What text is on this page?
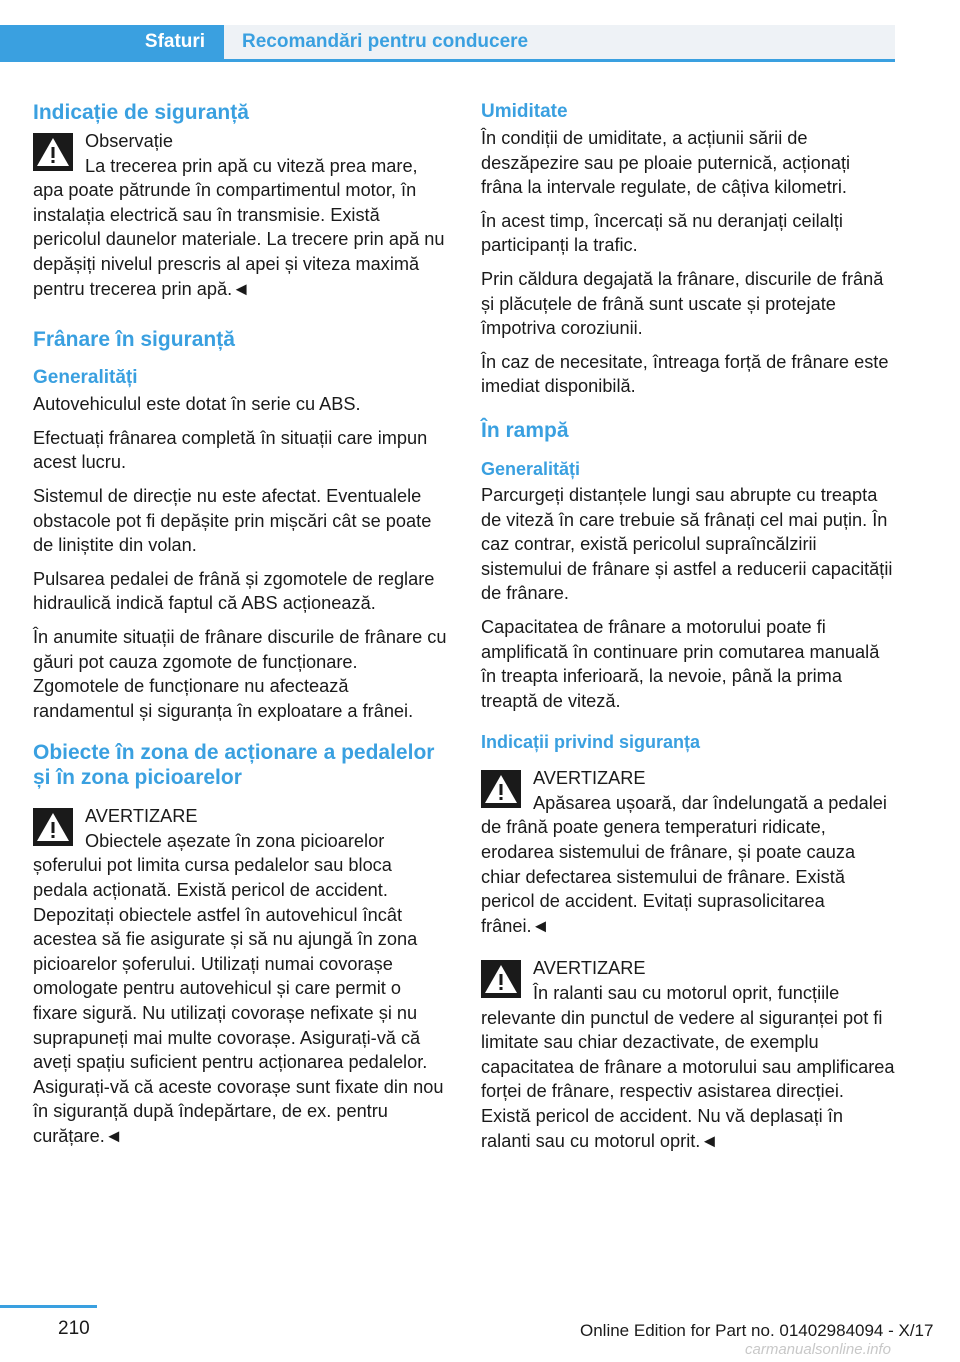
Sfaturi	Recomandări pentru conducere
Indicație de siguranță
Observație
La trecerea prin apă cu viteză prea mare, apa poate pătrunde în compartimentul motor, în instalația electrică sau în transmisie. Există pericolul daunelor materiale. La trecere prin apă nu depășiți nivelul prescris al apei și viteza maximă pentru trecerea prin apă.◄
Frânare în siguranță
Generalități

Autovehiculul este dotat în serie cu ABS.

Efectuați frânarea completă în situații care impun acest lucru.

Sistemul de direcție nu este afectat. Eventualele obstacole pot fi depășite prin mișcări cât se poate de liniștite din volan.

Pulsarea pedalei de frână și zgomotele de reglare hidraulică indică faptul că ABS acționează.

În anumite situații de frânare discurile de frânare cu găuri pot cauza zgomote de funcționare. Zgomotele de funcționare nu afectează randamentul și siguranța în exploatare a frânei.

Obiecte în zona de acționare a pedalelor și în zona picioarelor
AVERTIZARE
Obiectele așezate în zona picioarelor șoferului pot limita cursa pedalelor sau bloca pedala acționată. Există pericol de accident. Depozitați obiectele astfel în autovehicul încât acestea să fie asigurate și să nu ajungă în zona picioarelor șoferului. Utilizați numai covorașe omologate pentru autovehicul și care permit o fixare sigură. Nu utilizați covorașe nefixate și nu suprapuneți mai multe covorașe. Asigurați-vă că aveți spațiu suficient pentru acționarea pedalelor. Asigurați-vă că aceste covorașe sunt fixate din nou în siguranță după îndepărtare, de ex. pentru curățare.◄
Umiditate

În condiții de umiditate, a acțiunii sării de deszăpezire sau pe ploaie puternică, acționați frâna la intervale regulate, de câțiva kilometri.

În acest timp, încercați să nu deranjați ceilalți participanți la trafic.

Prin căldura degajată la frânare, discurile de frână și plăcuțele de frână sunt uscate și protejate împotriva coroziunii.

În caz de necesitate, întreaga forță de frânare este imediat disponibilă.

În rampă
Generalități

Parcurgeți distanțele lungi sau abrupte cu treapta de viteză în care trebuie să frânați cel mai puțin. În caz contrar, există pericolul supraîncălzirii sistemului de frânare și astfel a reducerii capacității de frânare.

Capacitatea de frânare a motorului poate fi amplificată în continuare prin comutarea manuală în treapta inferioară, la nevoie, până la prima treaptă de viteză.

Indicații privind siguranța
AVERTIZARE
Apăsarea ușoară, dar îndelungată a pedalei de frână poate genera temperaturi ridicate, erodarea sistemului de frânare, și poate cauza chiar defectarea sistemului de frânare. Există pericol de accident. Evitați suprasolicitarea frânei.◄
AVERTIZARE
În ralanti sau cu motorul oprit, funcțiile relevante din punctul de vedere al siguranței pot fi limitate sau chiar dezactivate, de exemplu capacitatea de frânare a motorului sau amplificarea forței de frânare, respectiv asistarea direcției. Există pericol de accident. Nu vă deplasați în ralanti sau cu motorul oprit.◄
210	Online Edition for Part no. 01402984094 - X/17
carmanualsonline.info
